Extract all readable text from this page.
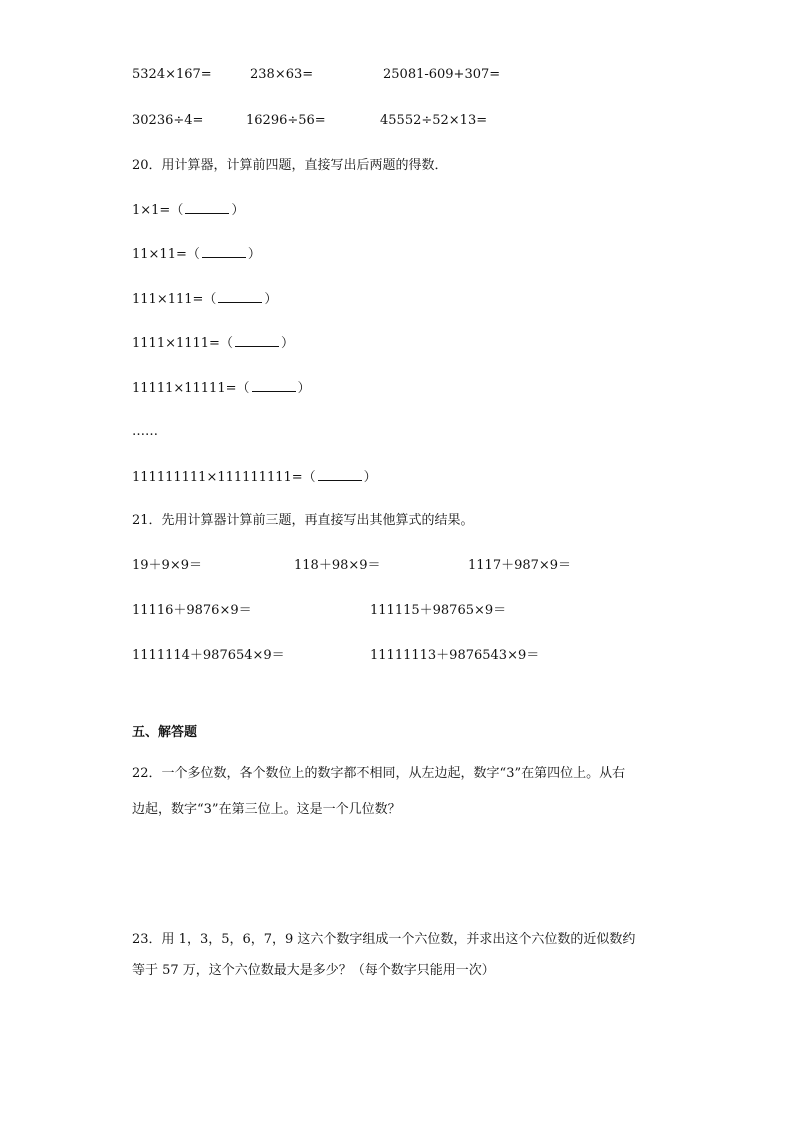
5324×167=	238×63=	25081-609+307=
30236÷4=	16296÷56=	45552÷52×13=
20．用计算器，计算前四题，直接写出后两题的得数．
1×1=（	）
11×11=（	）
111×111=（	）
1111×1111=（	）
11111×11111=（	）
……
111111111×111111111=（	）
21．先用计算器计算前三题，再直接写出其他算式的结果。
19＋9×9＝	118＋98×9＝	1117＋987×9＝
11116＋9876×9＝	111115＋98765×9＝
1111114＋987654×9＝	11111113＋9876543×9＝
五、解答题
22．一个多位数，各个数位上的数字都不相同，从左边起，数字“3”在第四位上。从右
边起，数字“3”在第三位上。这是一个几位数？
23．用 1，3，5，6，7，9 这六个数字组成一个六位数，并求出这个六位数的近似数约
等于 57 万，这个六位数最大是多少？（每个数字只能用一次）
